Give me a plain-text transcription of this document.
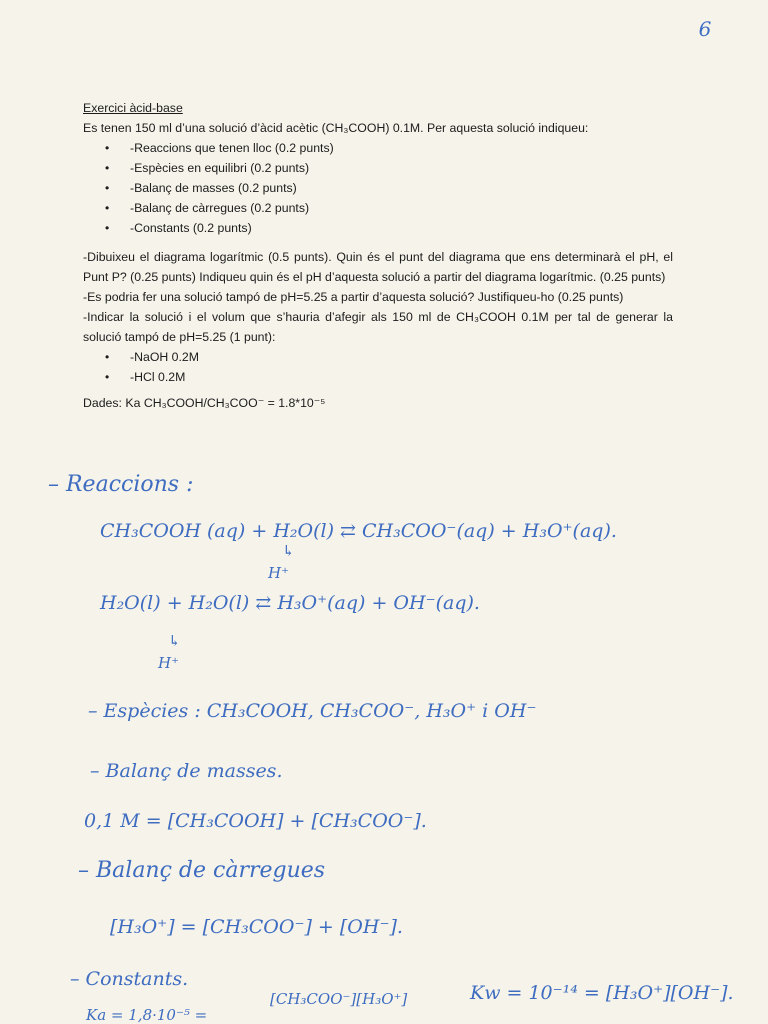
6
Exercici àcid-base
Es tenen 150 ml d’una solució d’àcid acètic (CH₃COOH) 0.1M. Per aquesta solució indiqueu:
• -Reaccions que tenen lloc (0.2 punts)
• -Espècies en equilibri (0.2 punts)
• -Balanç de masses (0.2 punts)
• -Balanç de càrregues (0.2 punts)
• -Constants (0.2 punts)
-Dibuixeu el diagrama logarítmic (0.5 punts). Quin és el punt del diagrama que ens determinarà el pH, el Punt P? (0.25 punts) Indiqueu quin és el pH d’aquesta solució a partir del diagrama logarítmic. (0.25 punts)
-Es podria fer una solució tampó de pH=5.25 a partir d’aquesta solució? Justifiqueu-ho (0.25 punts)
-Indicar la solució i el volum que s’hauria d’afegir als 150 ml de CH₃COOH 0.1M per tal de generar la solució tampó de pH=5.25 (1 punt):
• -NaOH 0.2M
• -HCl 0.2M
Dades: Ka CH₃COOH/CH₃COO⁻ = 1.8*10⁻⁵
– Reaccions :
CH₃COOH (aq) + H₂O(l) ⇄ CH₃COO⁻(aq) + H₃O⁺(aq).
↳
H⁺
H₂O(l) + H₂O(l) ⇄ H₃O⁺(aq) + OH⁻(aq).
↳
H⁺
– Espècies : CH₃COOH, CH₃COO⁻, H₃O⁺ i OH⁻
– Balanç de masses.
0,1 M = [CH₃COOH] + [CH₃COO⁻].
– Balanç de càrregues
[H₃O⁺] = [CH₃COO⁻] + [OH⁻].
– Constants.
Ka = 1,8·10⁻⁵ =
[CH₃COO⁻][H₃O⁺]	Kw = 10⁻¹⁴ = [H₃O⁺][OH⁻].
